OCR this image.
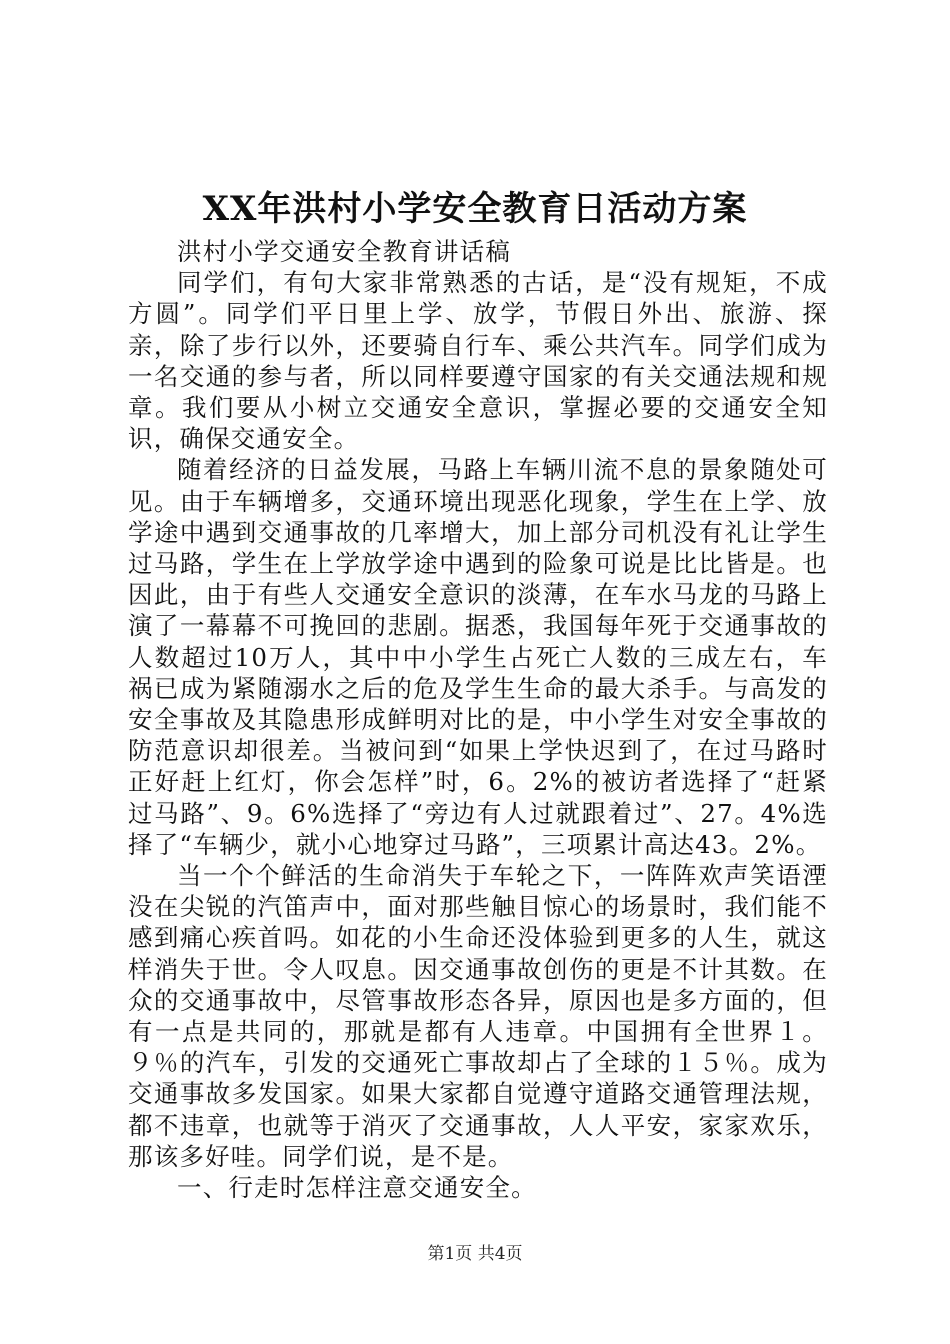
XX年洪村小学安全教育日活动方案

洪村小学交通安全教育讲话稿

同学们，有句大家非常熟悉的古话，是“没有规矩，不成方圆”。同学们平日里上学、放学，节假日外出、旅游、探亲，除了步行以外，还要骑自行车、乘公共汽车。同学们成为一名交通的参与者，所以同样要遵守国家的有关交通法规和规章。我们要从小树立交通安全意识，掌握必要的交通安全知识，确保交通安全。

随着经济的日益发展，马路上车辆川流不息的景象随处可见。由于车辆增多，交通环境出现恶化现象，学生在上学、放学途中遇到交通事故的几率增大，加上部分司机没有礼让学生过马路，学生在上学放学途中遇到的险象可说是比比皆是。也因此，由于有些人交通安全意识的淡薄，在车水马龙的马路上演了一幕幕不可挽回的悲剧。据悉，我国每年死于交通事故的人数超过10万人，其中中小学生占死亡人数的三成左右，车祸已成为紧随溺水之后的危及学生生命的最大杀手。与高发的安全事故及其隐患形成鲜明对比的是，中小学生对安全事故的防范意识却很差。当被问到“如果上学快迟到了，在过马路时正好赶上红灯，你会怎样”时，6。2%的被访者选择了“赶紧过马路”、9。6%选择了“旁边有人过就跟着过”、27。4%选择了“车辆少，就小心地穿过马路”，三项累计高达43。2%。

当一个个鲜活的生命消失于车轮之下，一阵阵欢声笑语湮没在尖锐的汽笛声中，面对那些触目惊心的场景时，我们能不感到痛心疾首吗。如花的小生命还没体验到更多的人生，就这样消失于世。令人叹息。因交通事故创伤的更是不计其数。在众的交通事故中，尽管事故形态各异，原因也是多方面的，但有一点是共同的，那就是都有人违章。中国拥有全世界１。９％的汽车，引发的交通死亡事故却占了全球的１５％。成为交通事故多发国家。如果大家都自觉遵守道路交通管理法规，都不违章，也就等于消灭了交通事故，人人平安，家家欢乐，那该多好哇。同学们说，是不是。

一、行走时怎样注意交通安全。

第1页 共4页
